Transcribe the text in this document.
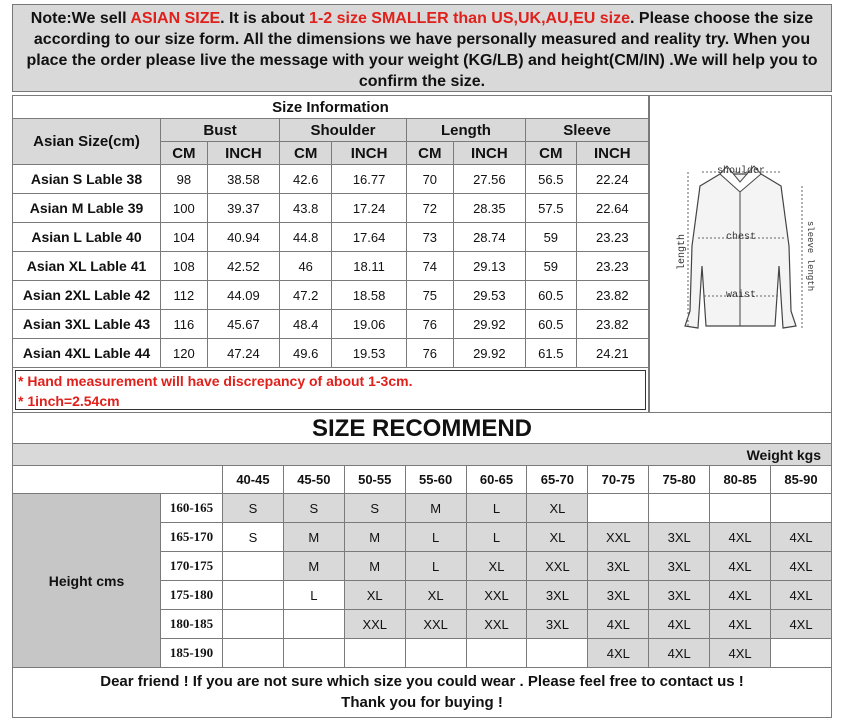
Note:We sell ASIAN SIZE. It is about 1-2 size SMALLER than US,UK,AU,EU size. Please choose the size according to our size form. All the dimensions we have personally measured and reality try. When you place the order please live the message with your weight (KG/LB) and height(CM/IN) .We will help you to confirm the size.
Size Information								
Asian Size(cm)	Bust		Shoulder		Length		Sleeve	
	CM	INCH	CM	INCH	CM	INCH	CM	INCH
Asian S Lable 38	98	38.58	42.6	16.77	70	27.56	56.5	22.24
Asian M Lable 39	100	39.37	43.8	17.24	72	28.35	57.5	22.64
Asian L Lable 40	104	40.94	44.8	17.64	73	28.74	59	23.23
Asian XL Lable 41	108	42.52	46	18.11	74	29.13	59	23.23
Asian 2XL Lable 42	112	44.09	47.2	18.58	75	29.53	60.5	23.82
Asian 3XL Lable 43	116	45.67	48.4	19.06	76	29.92	60.5	23.82
Asian 4XL Lable 44	120	47.24	49.6	19.53	76	29.92	61.5	24.21
shoulder
chest
waist
length	sleeve length
* Hand measurement will have discrepancy of about 1-3cm.
* 1inch=2.54cm
SIZE RECOMMEND
Weight kgs											
		40-45	45-50	50-55	55-60	60-65	65-70	70-75	75-80	80-85	85-90
Height cms	160-165	S	S	S	M	L	XL				
	165-170	S	M	M	L	L	XL	XXL	3XL	4XL	4XL
	170-175		M	M	L	XL	XXL	3XL	3XL	4XL	4XL
	175-180		L	XL	XL	XXL	3XL	3XL	3XL	4XL	4XL
	180-185			XXL	XXL	XXL	3XL	4XL	4XL	4XL	4XL
	185-190							4XL	4XL	4XL	
Dear friend ! If you are not sure which size you could wear . Please feel free to contact us !
Thank you for buying !
